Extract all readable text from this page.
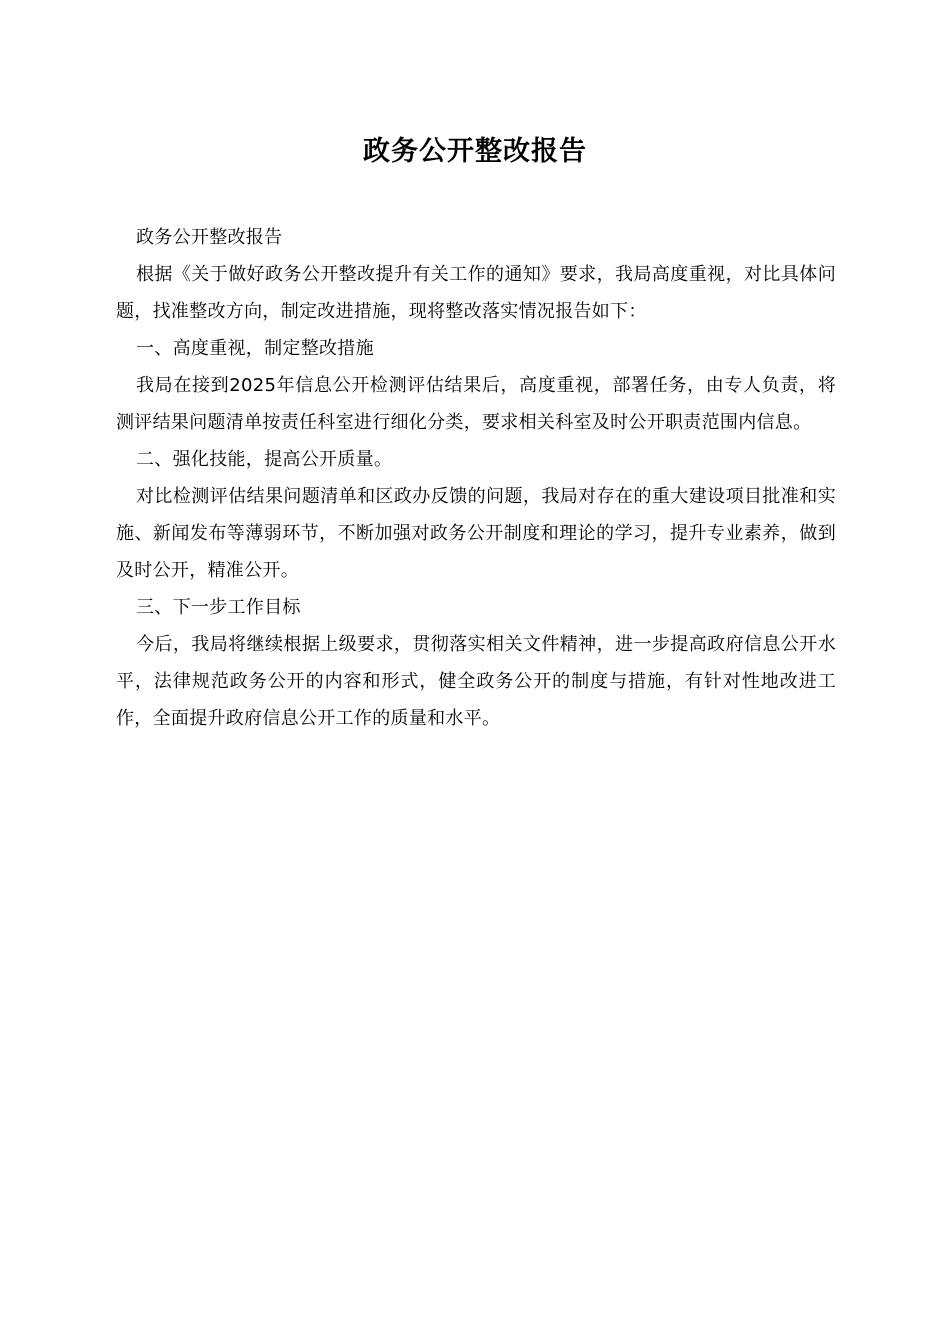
政务公开整改报告

政务公开整改报告

根据《关于做好政务公开整改提升有关工作的通知》要求，我局高度重视，对比具体问题，找准整改方向，制定改进措施，现将整改落实情况报告如下：

一、高度重视，制定整改措施

我局在接到2025年信息公开检测评估结果后，高度重视，部署任务，由专人负责，将测评结果问题清单按责任科室进行细化分类，要求相关科室及时公开职责范围内信息。

二、强化技能，提高公开质量。

对比检测评估结果问题清单和区政办反馈的问题，我局对存在的重大建设项目批准和实施、新闻发布等薄弱环节，不断加强对政务公开制度和理论的学习，提升专业素养，做到及时公开，精准公开。

三、下一步工作目标

今后，我局将继续根据上级要求，贯彻落实相关文件精神，进一步提高政府信息公开水平，法律规范政务公开的内容和形式，健全政务公开的制度与措施，有针对性地改进工作，全面提升政府信息公开工作的质量和水平。
